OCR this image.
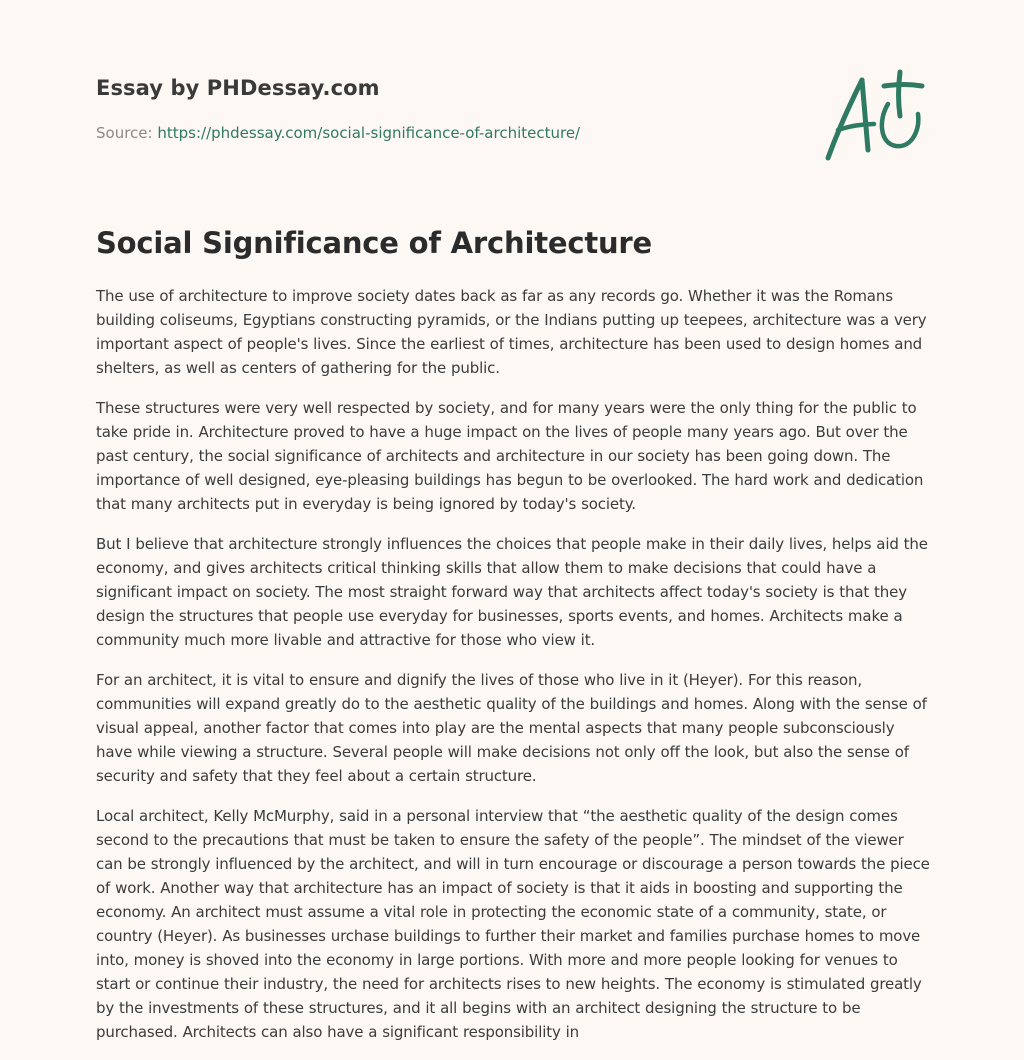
Essay by PHDessay.com
Source: https://phdessay.com/social-significance-of-architecture/
Social Significance of Architecture

The use of architecture to improve society dates back as far as any records go. Whether it was the Romans building coliseums, Egyptians constructing pyramids, or the Indians putting up teepees, architecture was a very important aspect of people's lives. Since the earliest of times, architecture has been used to design homes and shelters, as well as centers of gathering for the public.

These structures were very well respected by society, and for many years were the only thing for the public to take pride in. Architecture proved to have a huge impact on the lives of people many years ago. But over the past century, the social significance of architects and architecture in our society has been going down. The importance of well designed, eye-pleasing buildings has begun to be overlooked. The hard work and dedication that many architects put in everyday is being ignored by today's society.

But I believe that architecture strongly influences the choices that people make in their daily lives, helps aid the economy, and gives architects critical thinking skills that allow them to make decisions that could have a significant impact on society. The most straight forward way that architects affect today's society is that they design the structures that people use everyday for businesses, sports events, and homes. Architects make a community much more livable and attractive for those who view it.

For an architect, it is vital to ensure and dignify the lives of those who live in it (Heyer). For this reason, communities will expand greatly do to the aesthetic quality of the buildings and homes. Along with the sense of visual appeal, another factor that comes into play are the mental aspects that many people subconsciously have while viewing a structure. Several people will make decisions not only off the look, but also the sense of security and safety that they feel about a certain structure.

Local architect, Kelly McMurphy, said in a personal interview that “the aesthetic quality of the design comes second to the precautions that must be taken to ensure the safety of the people”. The mindset of the viewer can be strongly influenced by the architect, and will in turn encourage or discourage a person towards the piece of work. Another way that architecture has an impact of society is that it aids in boosting and supporting the economy. An architect must assume a vital role in protecting the economic state of a community, state, or country (Heyer). As businesses urchase buildings to further their market and families purchase homes to move into, money is shoved into the economy in large portions. With more and more people looking for venues to start or continue their industry, the need for architects rises to new heights. The economy is stimulated greatly by the investments of these structures, and it all begins with an architect designing the structure to be purchased. Architects can also have a significant responsibility in
